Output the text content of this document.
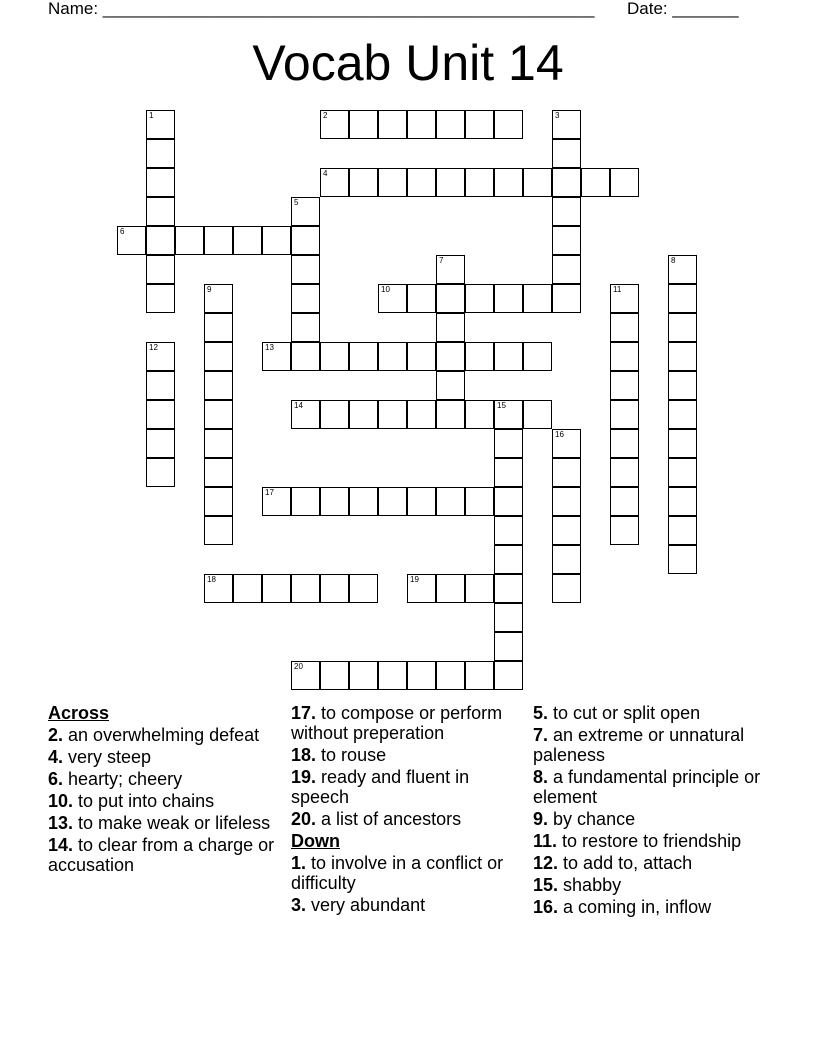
Name: ____________________________________________________ Date: _______
Vocab Unit 14
1	2	3
4
5
6
7	8
9	10	11
12	13
14	15
16
17
18	19
20
Across
2. an overwhelming defeat
4. very steep
6. hearty; cheery
10. to put into chains
13. to make weak or lifeless
14. to clear from a charge or accusation
17. to compose or perform without preperation
18. to rouse
19. ready and fluent in speech
20. a list of ancestors
Down
1. to involve in a conflict or difficulty
3. very abundant
5. to cut or split open
7. an extreme or unnatural paleness
8. a fundamental principle or element
9. by chance
11. to restore to friendship
12. to add to, attach
15. shabby
16. a coming in, inflow
